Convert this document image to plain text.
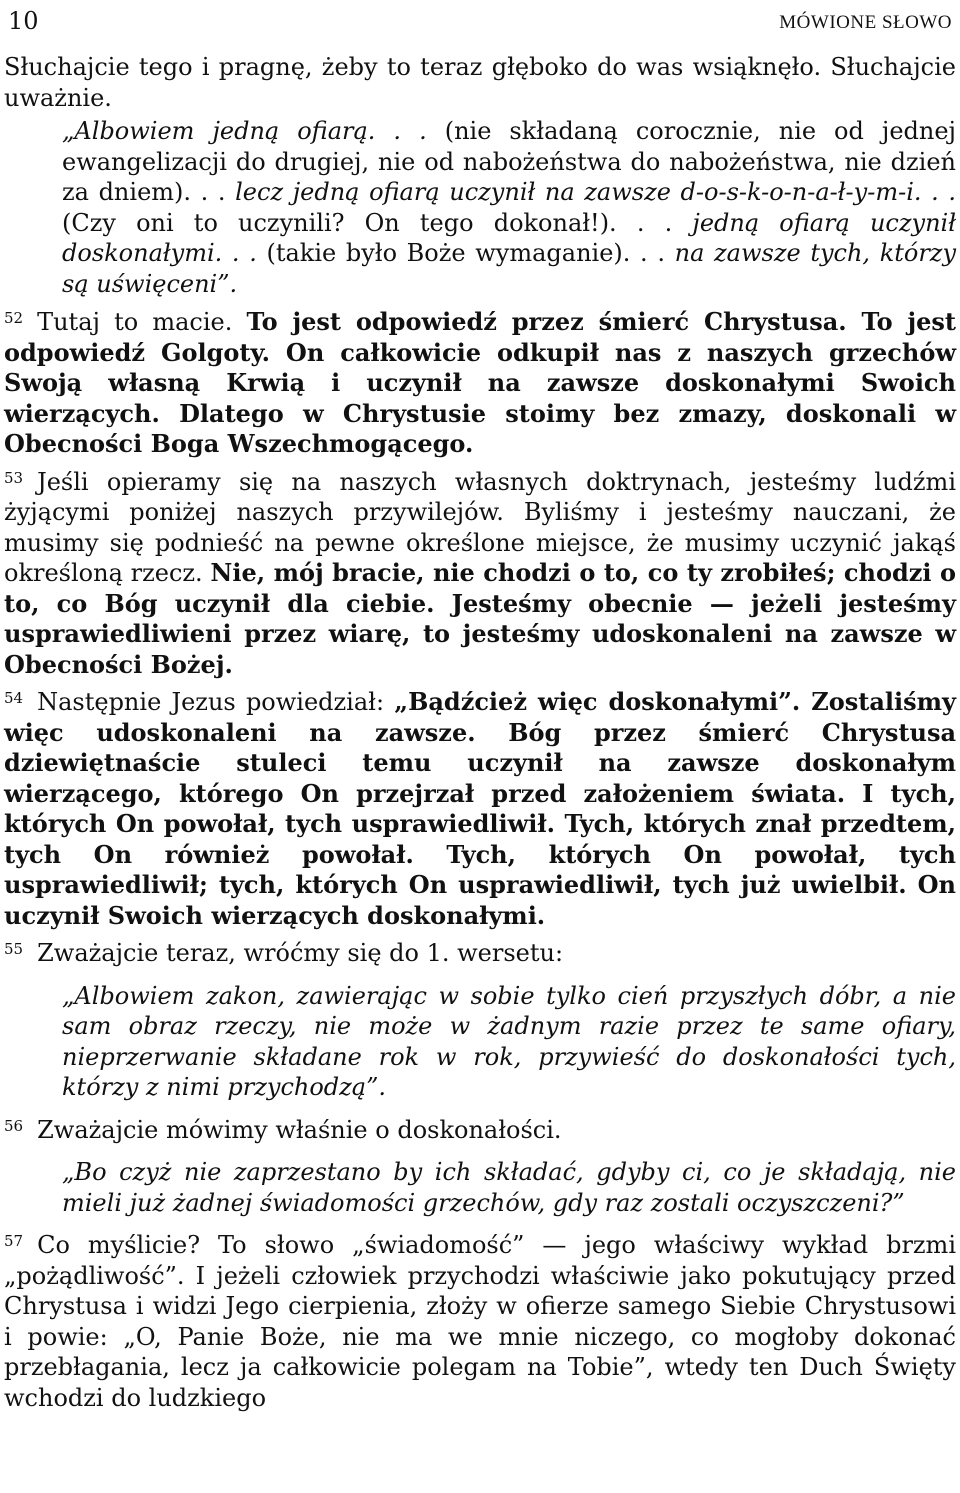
10	MÓWIONE SŁOWO

Słuchajcie tego i pragnę, żeby to teraz głęboko do was wsiąknęło. Słuchajcie uważnie.

„Albowiem jedną ofiarą. . . (nie składaną corocznie, nie od jednej ewangelizacji do drugiej, nie od nabożeństwa do nabożeństwa, nie dzień za dniem). . . lecz jedną ofiarą uczynił na zawsze d-o-s-k-o-n-a-ł-y-m-i. . . (Czy oni to uczynili? On tego dokonał!). . . jedną ofiarą uczynił doskonałymi. . . (takie było Boże wymaganie). . . na zawsze tych, którzy są uświęceni”.

$^{52}$ Tutaj to macie. To jest odpowiedź przez śmierć Chrystusa. To jest odpowiedź Golgoty. On całkowicie odkupił nas z naszych grzechów Swoją własną Krwią i uczynił na zawsze doskonałymi Swoich wierzących. Dlatego w Chrystusie stoimy bez zmazy, doskonali w Obecności Boga Wszechmogącego.

$^{53}$ Jeśli opieramy się na naszych własnych doktrynach, jesteśmy ludźmi żyjącymi poniżej naszych przywilejów. Byliśmy i jesteśmy nauczani, że musimy się podnieść na pewne określone miejsce, że musimy uczynić jakąś określoną rzecz. Nie, mój bracie, nie chodzi o to, co ty zrobiłeś; chodzi o to, co Bóg uczynił dla ciebie. Jesteśmy obecnie — jeżeli jesteśmy usprawiedliwieni przez wiarę, to jesteśmy udoskonaleni na zawsze w Obecności Bożej.

$^{54}$ Następnie Jezus powiedział: „Bądźcież więc doskonałymi”. Zostaliśmy więc udoskonaleni na zawsze. Bóg przez śmierć Chrystusa dziewiętnaście stuleci temu uczynił na zawsze doskonałym wierzącego, którego On przejrzał przed założeniem świata. I tych, których On powołał, tych usprawiedliwił. Tych, których znał przedtem, tych On również powołał. Tych, których On powołał, tych usprawiedliwił; tych, których On usprawiedliwił, tych już uwielbił. On uczynił Swoich wierzących doskonałymi.

$^{55}$ Zważajcie teraz, wróćmy się do 1. wersetu:

„Albowiem zakon, zawierając w sobie tylko cień przyszłych dóbr, a nie sam obraz rzeczy, nie może w żadnym razie przez te same ofiary, nieprzerwanie składane rok w rok, przywieść do doskonałości tych, którzy z nimi przychodzą”.

$^{56}$ Zważajcie mówimy właśnie o doskonałości.

„Bo czyż nie zaprzestano by ich składać, gdyby ci, co je składają, nie mieli już żadnej świadomości grzechów, gdy raz zostali oczyszczeni?”

$^{57}$ Co myślicie? To słowo „świadomość” — jego właściwy wykład brzmi „pożądliwość”. I jeżeli człowiek przychodzi właściwie jako pokutujący przed Chrystusa i widzi Jego cierpienia, złoży w ofierze samego Siebie Chrystusowi i powie: „O, Panie Boże, nie ma we mnie niczego, co mogłoby dokonać przebłagania, lecz ja całkowicie polegam na Tobie”, wtedy ten Duch Święty wchodzi do ludzkiego
